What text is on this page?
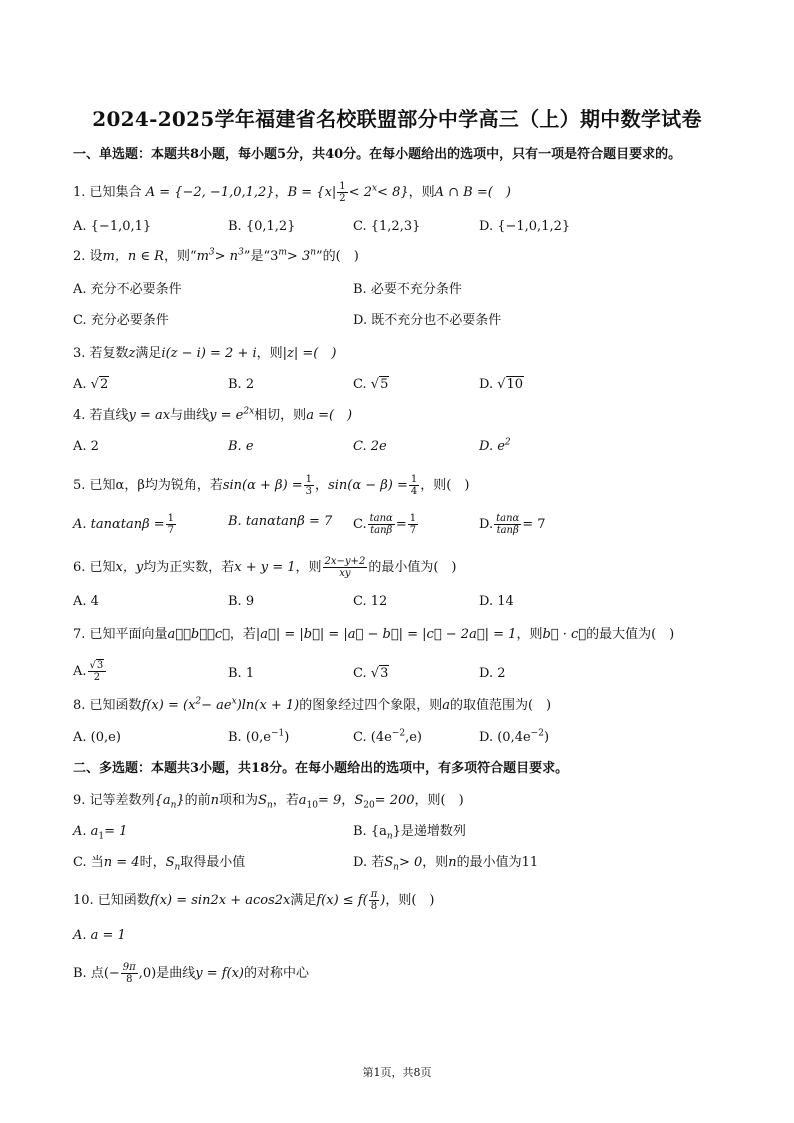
2024-2025学年福建省名校联盟部分中学高三（上）期中数学试卷
一、单选题：本题共8小题，每小题5分，共40分。在每小题给出的选项中，只有一项是符合题目要求的。
1. 已知集合 A = {−2, −1,0,1,2}，$B = \{x| \frac{1}{2} < 2^x< 8\}$，则A ∩ B =(　)
A. {−1,0,1}	B. {0,1,2}	C. {1,2,3}	D. {−1,0,1,2}
2. 设m，n ∈ R，则“$m^3> n^3$”是“$3^m> 3^n$”的(　)
A. 充分不必要条件	B. 必要不充分条件
C. 充分必要条件	D. 既不充分也不必要条件
3. 若复数z满足i(z − i) = 2 + i，则|z| =(　)
A. √2	B. 2	C. √5	D. √10
4. 若直线y = ax与曲线$y = e^{2x}$相切，则a =(　)
A. 2	B. e	C. 2e	D. $e^2$
5. 已知α，β均为锐角，若$\sin(\alpha + \beta) = \frac{1}{3}$ ，$\sin(\alpha - \beta) = \frac{1}{4}$ ，则(　)
A. $\tan\alpha\tan\beta = \frac{1}{7}$	B. tanαtanβ = 7 C. $\frac{\tan\alpha}{\tan\beta} = \frac{1}{7}$	D. $\frac{\tan\alpha}{\tan\beta} = 7$
6. 已知x，y均为正实数，若x + y = 1，则 $\frac{2x-y+2}{xy}$ 的最小值为(　)
A. 4	B. 9	C. 12	D. 14
7. 已知平面向量a⃗，b⃗，c⃗，若|a⃗| = |b⃗| = |a⃗ − b⃗| = |c⃗ − 2a⃗| = 1，则b⃗ · c⃗的最大值为(　)
A. $\frac{√3}{2}$	B. 1	C. √3	D. 2
8. 已知函数$f(x) = (x^2- ae^x)\ln(x + 1)$的图象经过四个象限，则a的取值范围为(　)
A. (0,e)	B. $(0,e^{-1})$	C. $(4e^{-2},e)$	D. $(0,4e^{-2})$
二、多选题：本题共3小题，共18分。在每小题给出的选项中，有多项符合题目要求。
9. 记等差数列$\{a_n\}$的前n项和为$S_n$，若$a_{10}= 9$，$S_{20}= 200$，则(　)
A. $a_1= 1$	B. $\{a_n\}$是递增数列
C. 当n = 4时，$S_n$取得最小值	D. 若$S_n> 0$，则n的最小值为11
10. 已知函数f(x) = sin2x + acos2x满足$f(x) \le f( \frac{\pi}{8}$ )，则(　)
A. a = 1
B. 点(− $\frac{9\pi}{8} ,0$)是曲线y = f(x)的对称中心
第1页，共8页
